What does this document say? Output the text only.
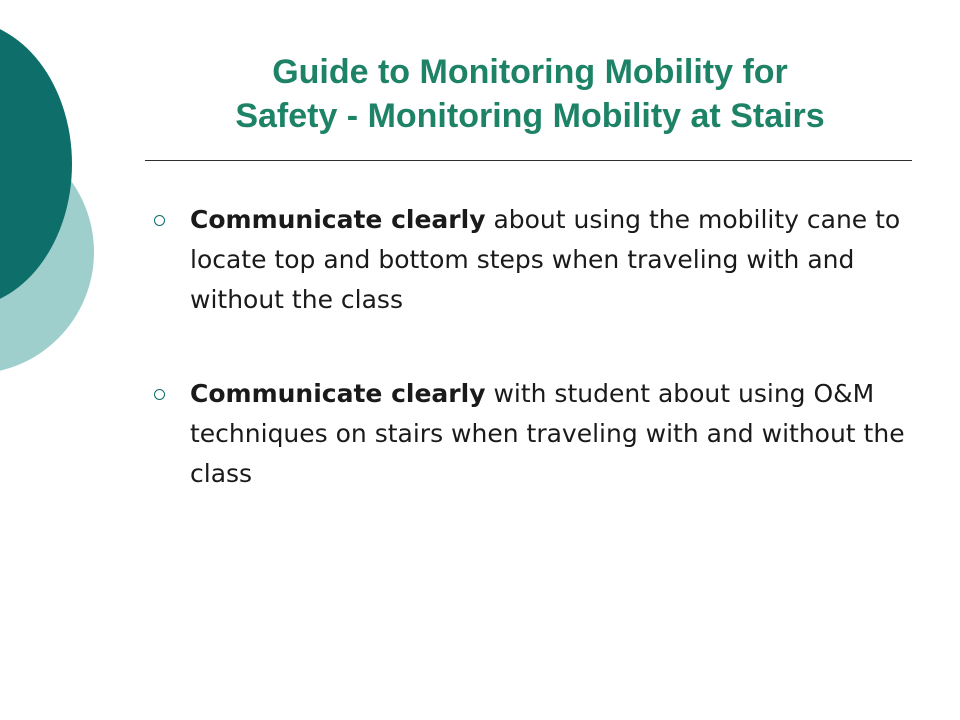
Guide to Monitoring Mobility for
Safety - Monitoring Mobility at Stairs
Communicate clearly about using the mobility cane to locate top and bottom steps when traveling with and without the class
Communicate clearly with student about using O&M techniques on stairs when traveling with and without the class
